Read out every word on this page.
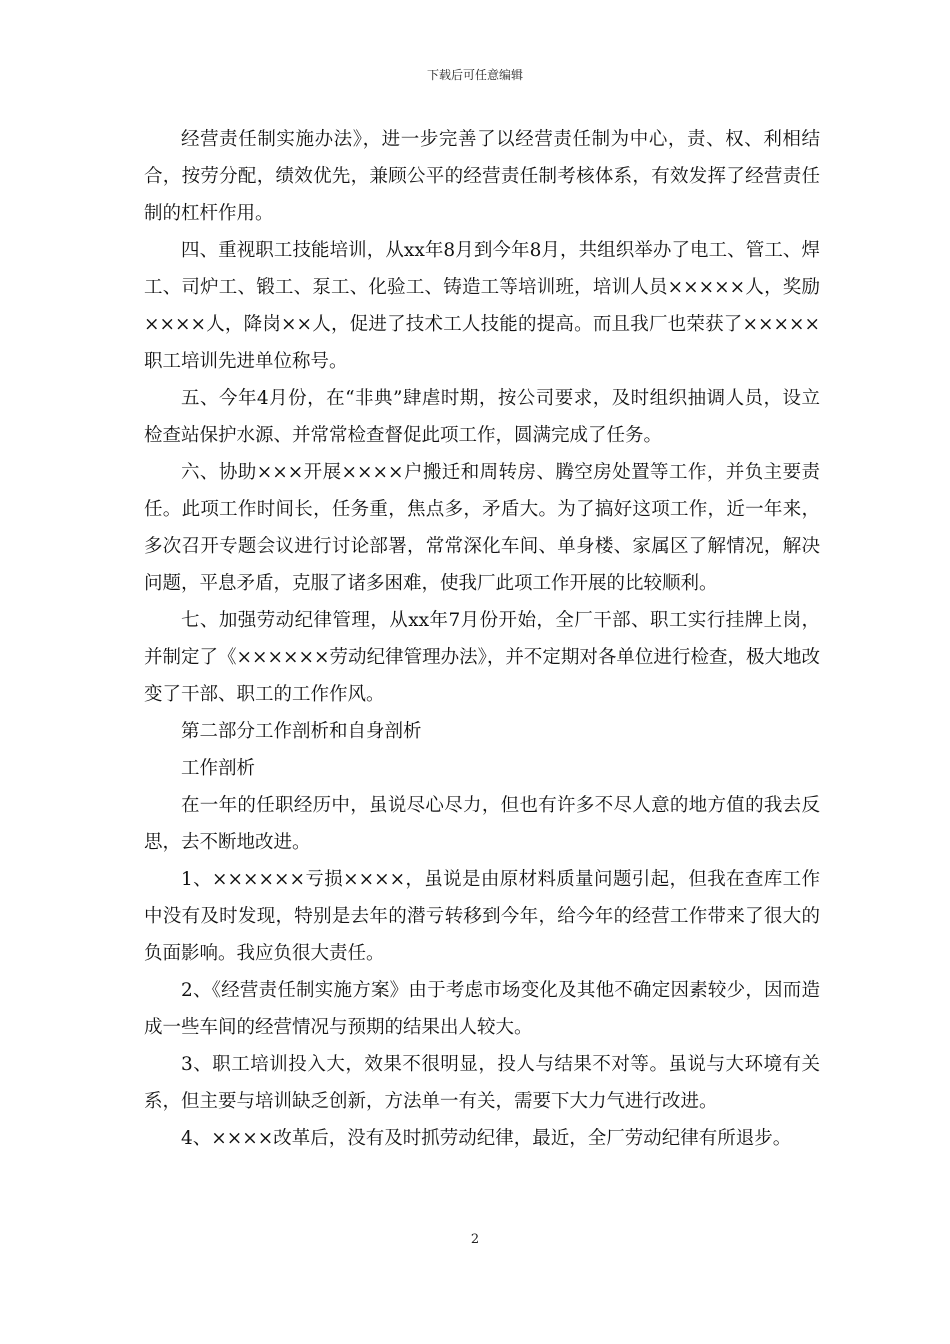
下载后可任意编辑

经营责任制实施办法》，进一步完善了以经营责任制为中心，责、权、利相结合，按劳分配，绩效优先，兼顾公平的经营责任制考核体系，有效发挥了经营责任制的杠杆作用。

四、重视职工技能培训，从xx年8月到今年8月，共组织举办了电工、管工、焊工、司炉工、锻工、泵工、化验工、铸造工等培训班，培训人员×××××人，奖励××××人，降岗××人，促进了技术工人技能的提高。而且我厂也荣获了×××××职工培训先进单位称号。

五、今年4月份，在“非典”肆虐时期，按公司要求，及时组织抽调人员，设立检查站保护水源、并常常检查督促此项工作，圆满完成了任务。

六、协助×××开展××××户搬迁和周转房、腾空房处置等工作，并负主要责任。此项工作时间长，任务重，焦点多，矛盾大。为了搞好这项工作，近一年来，多次召开专题会议进行讨论部署，常常深化车间、单身楼、家属区了解情况，解决问题，平息矛盾，克服了诸多困难，使我厂此项工作开展的比较顺利。

七、加强劳动纪律管理，从xx年7月份开始，全厂干部、职工实行挂牌上岗，并制定了《××××××劳动纪律管理办法》，并不定期对各单位进行检查，极大地改变了干部、职工的工作作风。

第二部分工作剖析和自身剖析

工作剖析

在一年的任职经历中，虽说尽心尽力，但也有许多不尽人意的地方值的我去反思，去不断地改进。

1、××××××亏损××××，虽说是由原材料质量问题引起，但我在查库工作中没有及时发现，特别是去年的潜亏转移到今年，给今年的经营工作带来了很大的负面影响。我应负很大责任。

2、《经营责任制实施方案》由于考虑市场变化及其他不确定因素较少，因而造成一些车间的经营情况与预期的结果出人较大。

3、职工培训投入大，效果不很明显，投人与结果不对等。虽说与大环境有关系，但主要与培训缺乏创新，方法单一有关，需要下大力气进行改进。

4、××××改革后，没有及时抓劳动纪律，最近，全厂劳动纪律有所退步。

2
